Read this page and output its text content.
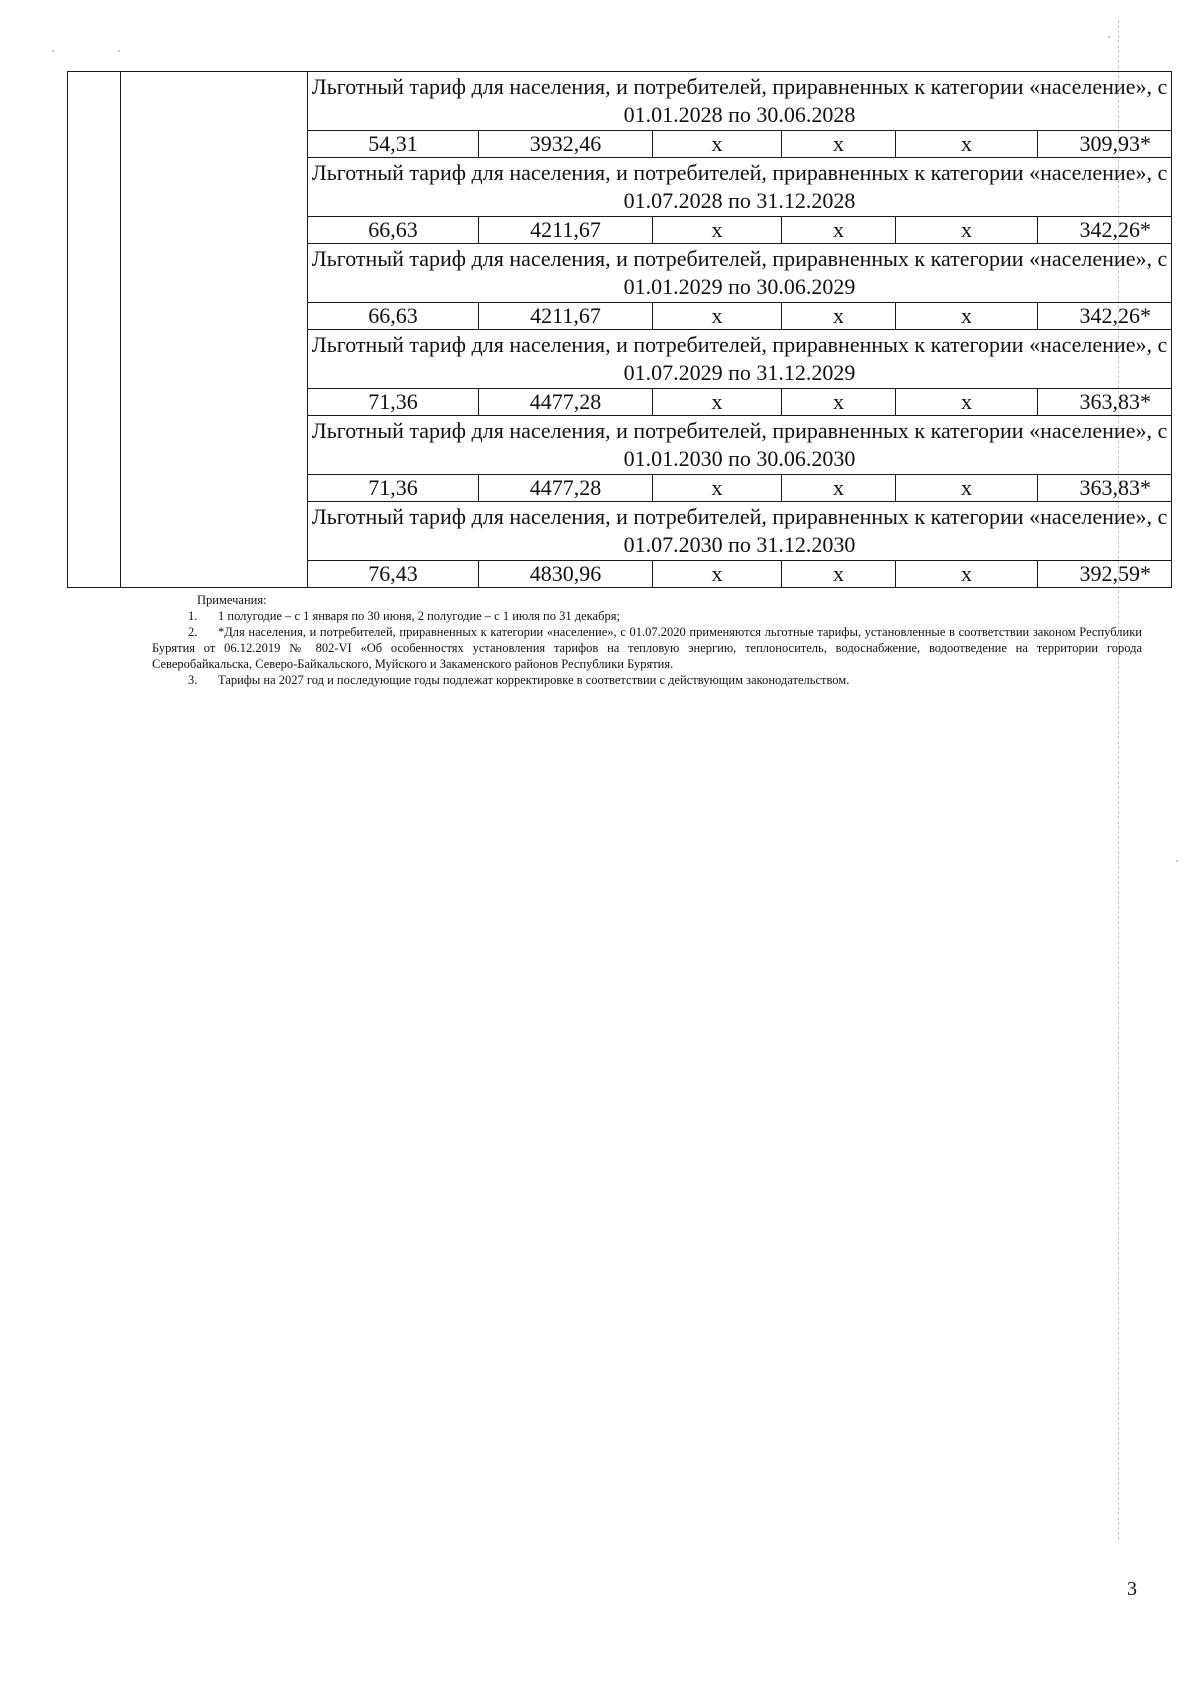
		Льготный тариф для населения, и потребителей, приравненных к категории «население», с 01.01.2028 по 30.06.2028					
		54,31	3932,46	х	х	х	309,93*
		Льготный тариф для населения, и потребителей, приравненных к категории «население», с 01.07.2028 по 31.12.2028					
		66,63	4211,67	х	х	х	342,26*
		Льготный тариф для населения, и потребителей, приравненных к категории «население», с 01.01.2029 по 30.06.2029					
		66,63	4211,67	х	х	х	342,26*
		Льготный тариф для населения, и потребителей, приравненных к категории «население», с 01.07.2029 по 31.12.2029					
		71,36	4477,28	х	х	х	363,83*
		Льготный тариф для населения, и потребителей, приравненных к категории «население», с 01.01.2030 по 30.06.2030					
		71,36	4477,28	х	х	х	363,83*
		Льготный тариф для населения, и потребителей, приравненных к категории «население», с 01.07.2030 по 31.12.2030					
		76,43	4830,96	х	х	х	392,59*
Примечания:
1. 1 полугодие – с 1 января по 30 июня, 2 полугодие – с 1 июля по 31 декабря;
2. *Для населения, и потребителей, приравненных к категории «население», с 01.07.2020 применяются льготные тарифы, установленные в соответствии законом Республики Бурятия от 06.12.2019 № 802-VI «Об особенностях установления тарифов на тепловую энергию, теплоноситель, водоснабжение, водоотведение на территории города Северобайкальска, Северо-Байкальского, Муйского и Закаменского районов Республики Бурятия.
3. Тарифы на 2027 год и последующие годы подлежат корректировке в соответствии с действующим законодательством.
3
